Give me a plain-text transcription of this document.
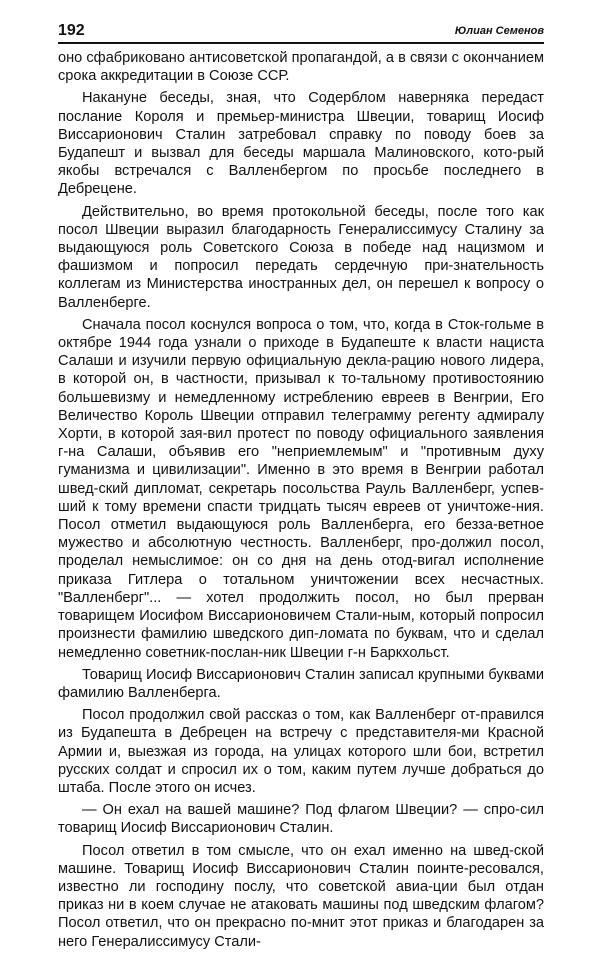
192	Юлиан Семенов

оно сфабриковано антисоветской пропагандой, а в связи с окончанием срока аккредитации в Союзе ССР.

Накануне беседы, зная, что Содерблом наверняка передаст послание Короля и премьер-министра Швеции, товарищ Иосиф Виссарионович Сталин затребовал справку по поводу боев за Будапешт и вызвал для беседы маршала Малиновского, кото-рый якобы встречался с Валленбергом по просьбе последнего в Дебрецене.

Действительно, во время протокольной беседы, после того как посол Швеции выразил благодарность Генералиссимусу Сталину за выдающуюся роль Советского Союза в победе над нацизмом и фашизмом и попросил передать сердечную при-знательность коллегам из Министерства иностранных дел, он перешел к вопросу о Валленберге.

Сначала посол коснулся вопроса о том, что, когда в Сток-гольме в октябре 1944 года узнали о приходе в Будапеште к власти нациста Салаши и изучили первую официальную декла-рацию нового лидера, в которой он, в частности, призывал к то-тальному противостоянию большевизму и немедленному истреблению евреев в Венгрии, Его Величество Король Швеции отправил телеграмму регенту адмиралу Хорти, в которой зая-вил протест по поводу официального заявления г-на Салаши, объявив его "неприемлемым" и "противным духу гуманизма и цивилизации". Именно в это время в Венгрии работал швед-ский дипломат, секретарь посольства Рауль Валленберг, успев-ший к тому времени спасти тридцать тысяч евреев от уничтоже-ния. Посол отметил выдающуюся роль Валленберга, его безза-ветное мужество и абсолютную честность. Валленберг, про-должил посол, проделал немыслимое: он со дня на день отод-вигал исполнение приказа Гитлера о тотальном уничтожении всех несчастных. "Валленберг"... — хотел продолжить посол, но был прерван товарищем Иосифом Виссарионовичем Стали-ным, который попросил произнести фамилию шведского дип-ломата по буквам, что и сделал немедленно советник-послан-ник Швеции г-н Баркхольст.

Товарищ Иосиф Виссарионович Сталин записал крупными буквами фамилию Валленберга.

Посол продолжил свой рассказ о том, как Валленберг от-правился из Будапешта в Дебрецен на встречу с представителя-ми Красной Армии и, выезжая из города, на улицах которого шли бои, встретил русских солдат и спросил их о том, каким путем лучше добраться до штаба. После этого он исчез.

— Он ехал на вашей машине? Под флагом Швеции? — спро-сил товарищ Иосиф Виссарионович Сталин.

Посол ответил в том смысле, что он ехал именно на швед-ской машине. Товарищ Иосиф Виссарионович Сталин поинте-ресовался, известно ли господину послу, что советской авиа-ции был отдан приказ ни в коем случае не атаковать машины под шведским флагом? Посол ответил, что он прекрасно по-мнит этот приказ и благодарен за него Генералиссимусу Стали-
